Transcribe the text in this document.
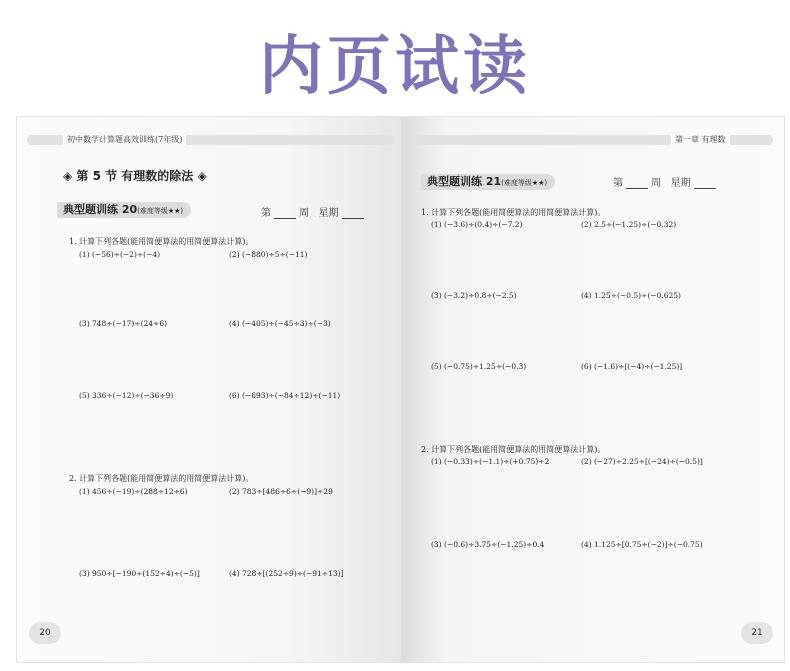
内页试读
初中数学计算题高效训练(7年级)
◈ 第 5 节 有理数的除法 ◈
典型题训练 20(难度等级★★)	第	周 星期
1. 计算下列各题(能用简便算法的用简便算法计算)。
(1) (−56)÷(−2)÷(−4)	(2) (−880)÷5÷(−11)
(3) 748÷(−17)÷(24÷6)	(4) (−405)÷(−45÷3)÷(−3)
(5) 336÷(−12)÷(−36÷9)	(6) (−693)÷(−84÷12)÷(−11)
2. 计算下列各题(能用简便算法的用简便算法计算)。
(1) 456÷(−19)÷(288÷12÷6)	(2) 783÷[486÷6÷(−9)]÷29
(3) 950÷[−190÷(152÷4)÷(−5)]	(4) 728÷[(252÷9)÷(−91÷13)]
20
第一章 有理数
典型题训练 21(难度等级★★)	第	周 星期
1. 计算下列各题(能用简便算法的用简便算法计算)。
(1) (−3.6)÷(0.4)÷(−7.2)	(2) 2.5÷(−1.25)÷(−0.32)
(3) (−3.2)÷0.8÷(−2.5)	(4) 1.25÷(−0.5)÷(−0.625)
(5) (−0.75)÷1.25÷(−0.3)	(6) (−1.6)÷[(−4)÷(−1.25)]
2. 计算下列各题(能用简便算法的用简便算法计算)。
(1) (−0.33)÷(−1.1)÷(+0.75)÷2	(2) (−27)÷2.25÷[(−24)÷(−0.5)]
(3) (−0.6)÷3.75÷(−1.25)÷0.4	(4) 1.125÷[0.75÷(−2)]÷(−0.75)
21
